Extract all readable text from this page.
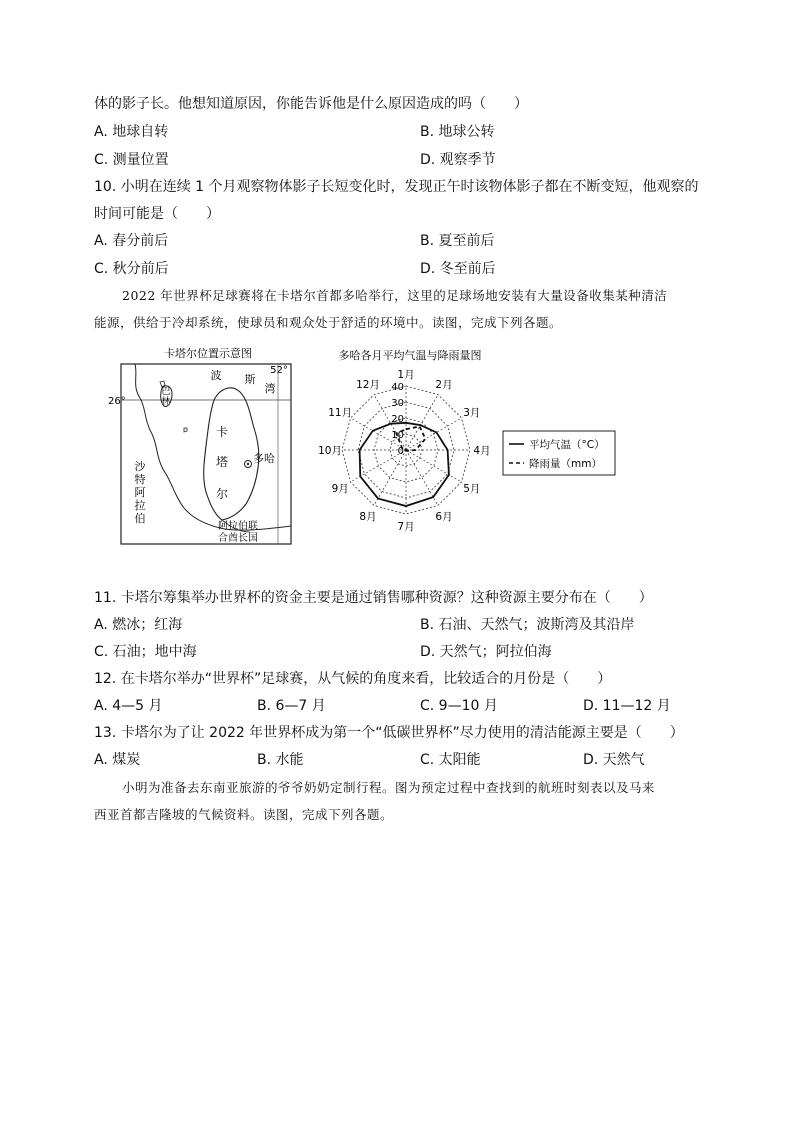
体的影子长。他想知道原因，你能告诉他是什么原因造成的吗（　　）
A. 地球自转	B. 地球公转
C. 测量位置	D. 观察季节
10. 小明在连续 1 个月观察物体影子长短变化时，发现正午时该物体影子都在不断变短，他观察的
时间可能是（　　）
A. 春分前后	B. 夏至前后
C. 秋分前后	D. 冬至前后
2022 年世界杯足球赛将在卡塔尔首都多哈举行，这里的足球场地安装有大量设备收集某种清洁
能源，供给于冷却系统，使球员和观众处于舒适的环境中。读图，完成下列各题。
卡塔尔位置示意图
巴
林
52°
26°
波 斯
湾
卡
塔
尔
多哈
沙
特
阿
拉
伯
阿拉伯联
合酋长国
多哈各月平均气温与降雨量图
1月
2月
3月
4月
5月
6月
7月
8月
9月
10月
11月
12月
0
10
20
30
40
平均气温（°C）
降雨量（mm）
11. 卡塔尔筹集举办世界杯的资金主要是通过销售哪种资源？这种资源主要分布在（　　）
A. 燃冰；红海	B. 石油、天然气；波斯湾及其沿岸
C. 石油；地中海	D. 天然气；阿拉伯海
12. 在卡塔尔举办“世界杯”足球赛，从气候的角度来看，比较适合的月份是（　　）
A. 4—5 月	B. 6—7 月	C. 9—10 月	D. 11—12 月
13. 卡塔尔为了让 2022 年世界杯成为第一个“低碳世界杯”尽力使用的清洁能源主要是（　　）
A. 煤炭	B. 水能	C. 太阳能	D. 天然气
小明为准备去东南亚旅游的爷爷奶奶定制行程。图为预定过程中查找到的航班时刻表以及马来
西亚首都吉隆坡的气候资料。读图，完成下列各题。
